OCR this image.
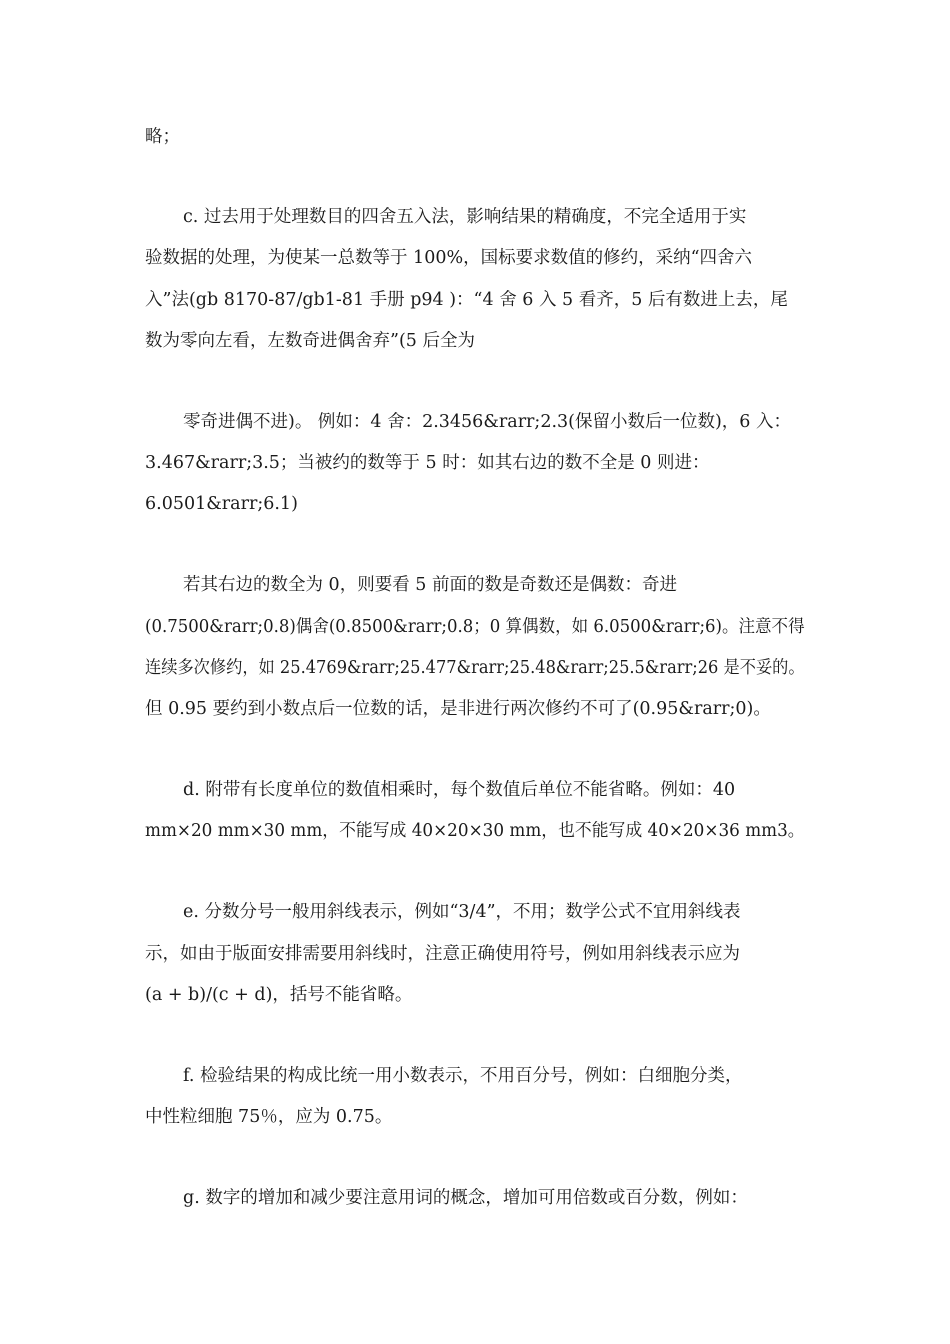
略；
c. 过去用于处理数目的四舍五入法，影响结果的精确度，不完全适用于实
验数据的处理，为使某一总数等于 100%，国标要求数值的修约，采纳“四舍六
入”法(gb 8170-87/gb1-81 手册 p94 )：“4 舍 6 入 5 看齐，5 后有数进上去，尾
数为零向左看，左数奇进偶舍弃”(5 后全为
零奇进偶不进)。 例如：4 舍：2.3456&rarr;2.3(保留小数后一位数)，6 入：
3.467&rarr;3.5；当被约的数等于 5 时：如其右边的数不全是 0 则进：
6.0501&rarr;6.1)
若其右边的数全为 0，则要看 5 前面的数是奇数还是偶数：奇进
(0.7500&rarr;0.8)偶舍(0.8500&rarr;0.8；0 算偶数，如 6.0500&rarr;6)。注意不得
连续多次修约，如 25.4769&rarr;25.477&rarr;25.48&rarr;25.5&rarr;26 是不妥的。
但 0.95 要约到小数点后一位数的话，是非进行两次修约不可了(0.95&rarr;0)。
d. 附带有长度单位的数值相乘时，每个数值后单位不能省略。例如：40
mm×20 mm×30 mm，不能写成 40×20×30 mm，也不能写成 40×20×36 mm3。
e. 分数分号一般用斜线表示，例如“3/4”，不用；数学公式不宜用斜线表
示，如由于版面安排需要用斜线时，注意正确使用符号，例如用斜线表示应为
(a + b)/(c + d)，括号不能省略。
f. 检验结果的构成比统一用小数表示，不用百分号，例如：白细胞分类，
中性粒细胞 75％，应为 0.75。
g. 数字的增加和减少要注意用词的概念，增加可用倍数或百分数，例如：
